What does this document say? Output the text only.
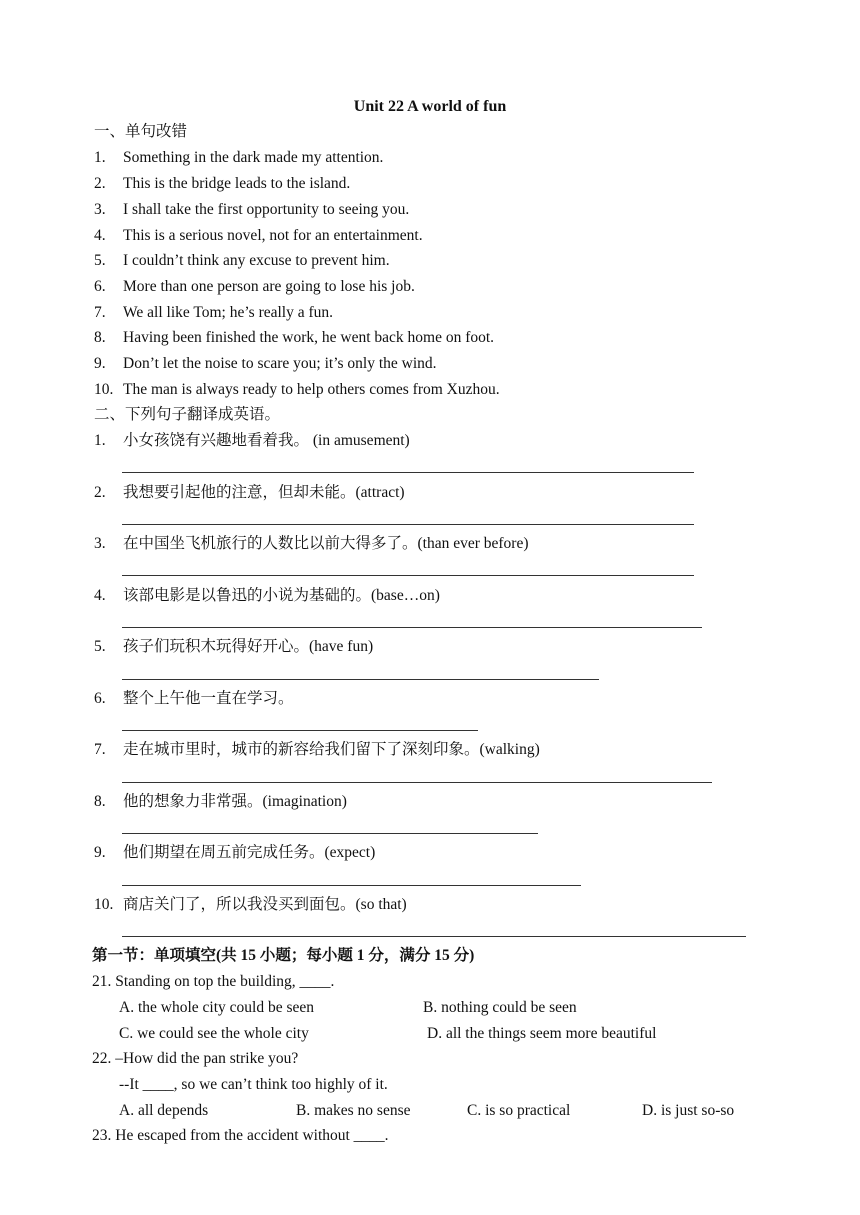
Unit 22 A world of fun
一、单句改错
1. Something in the dark made my attention.
2. This is the bridge leads to the island.
3. I shall take the first opportunity to seeing you.
4. This is a serious novel, not for an entertainment.
5. I couldn’t think any excuse to prevent him.
6. More than one person are going to lose his job.
7. We all like Tom; he’s really a fun.
8. Having been finished the work, he went back home on foot.
9. Don’t let the noise to scare you; it’s only the wind.
10. The man is always ready to help others comes from Xuzhou.
二、下列句子翻译成英语。
1. 小女孩饶有兴趣地看着我。 (in amusement)
2. 我想要引起他的注意，但却未能。(attract)
3. 在中国坐飞机旅行的人数比以前大得多了。(than ever before)
4. 该部电影是以鲁迅的小说为基础的。(base…on)
5. 孩子们玩积木玩得好开心。(have fun)
6. 整个上午他一直在学习。
7. 走在城市里时，城市的新容给我们留下了深刻印象。(walking)
8. 他的想象力非常强。(imagination)
9. 他们期望在周五前完成任务。(expect)
10. 商店关门了，所以我没买到面包。(so that)
第一节：单项填空(共 15 小题；每小题 1 分，满分 15 分)
21. Standing on top the building, ____.
A. the whole city could be seen	B. nothing could be seen
C. we could see the whole city	D. all the things seem more beautiful
22. –How did the pan strike you?
--It ____, so we can’t think too highly of it.
A. all depends	B. makes no sense	C. is so practical	D. is just so-so
23. He escaped from the accident without ____.
